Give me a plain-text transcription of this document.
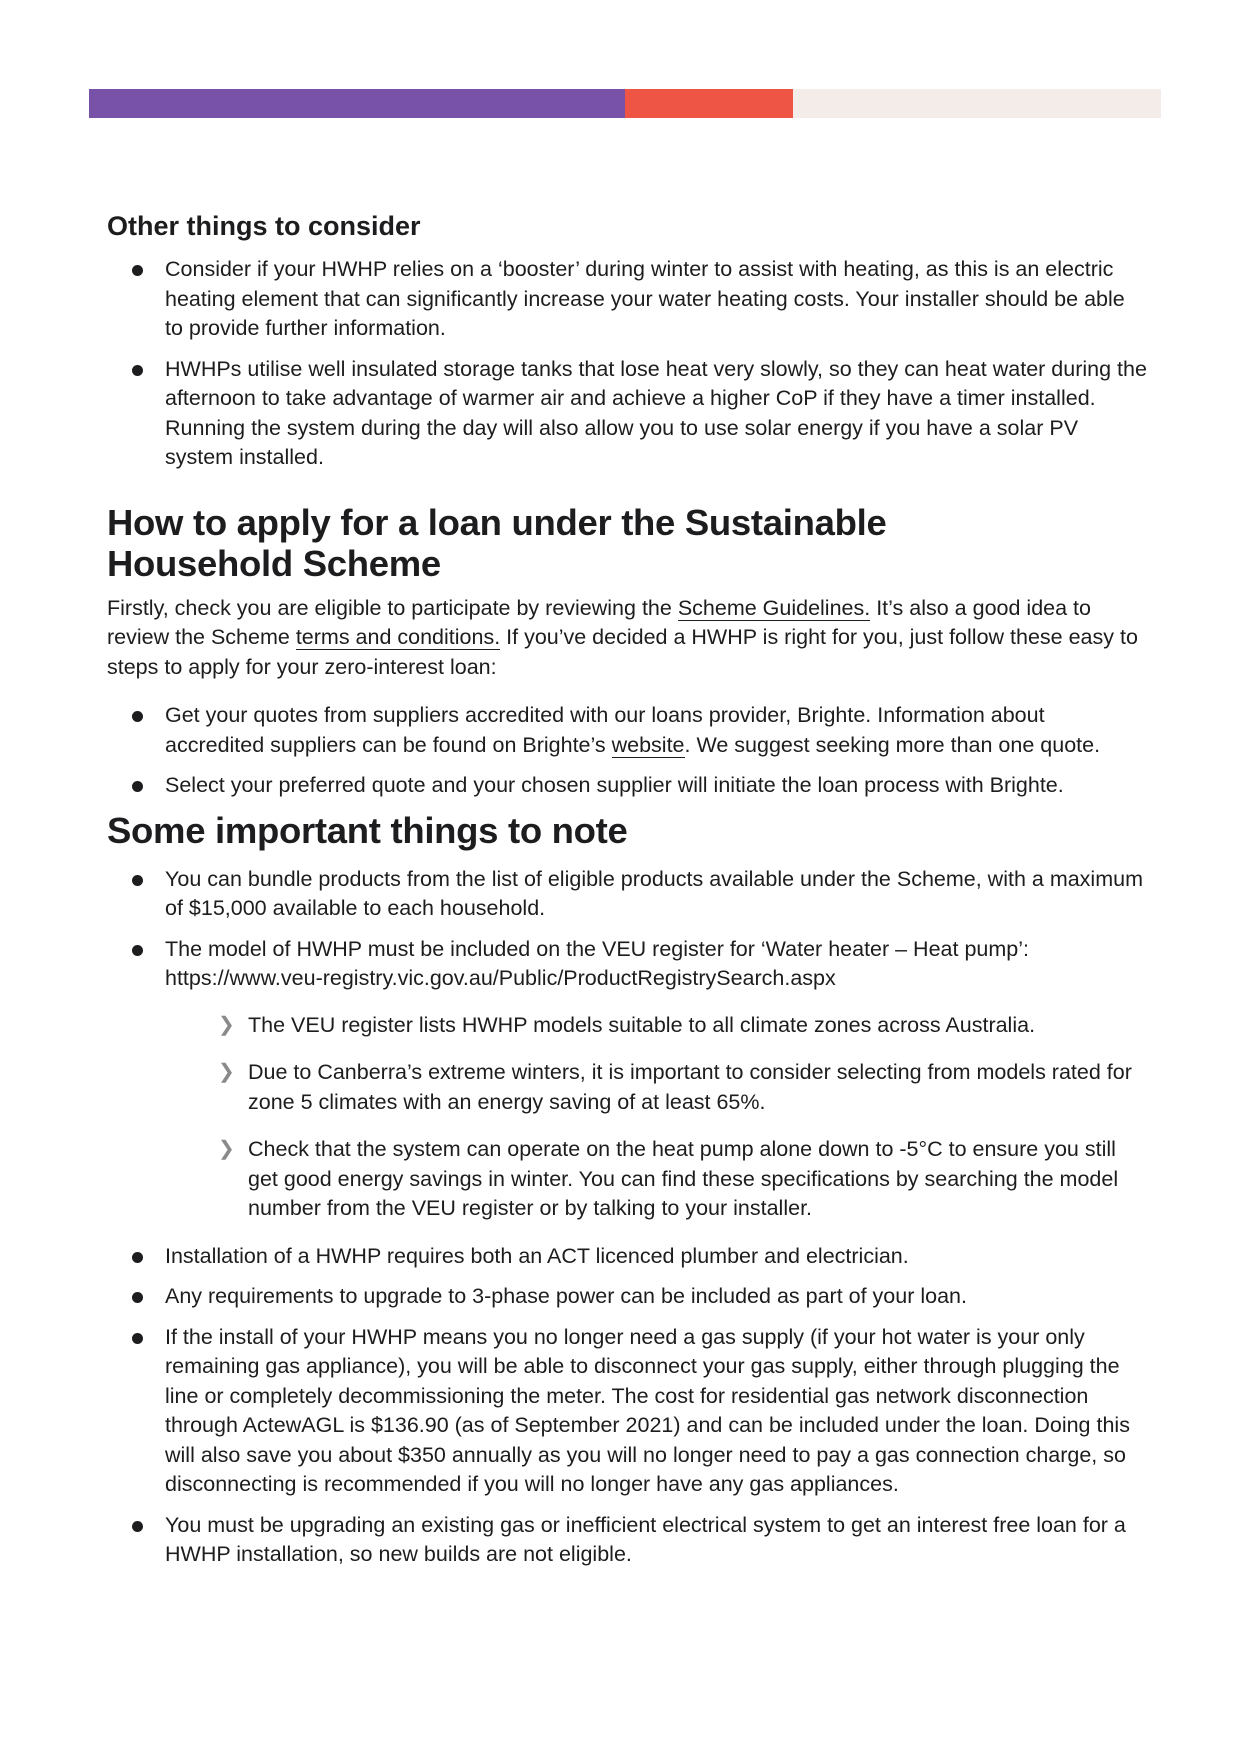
Other things to consider
Consider if your HWHP relies on a ‘booster’ during winter to assist with heating, as this is an electric heating element that can significantly increase your water heating costs. Your installer should be able to provide further information.
HWHPs utilise well insulated storage tanks that lose heat very slowly, so they can heat water during the afternoon to take advantage of warmer air and achieve a higher CoP if they have a timer installed. Running the system during the day will also allow you to use solar energy if you have a solar PV system installed.
How to apply for a loan under the Sustainable
Household Scheme

Firstly, check you are eligible to participate by reviewing the Scheme Guidelines. It’s also a good idea to review the Scheme terms and conditions. If you’ve decided a HWHP is right for you, just follow these easy to steps to apply for your zero-interest loan:

Get your quotes from suppliers accredited with our loans provider, Brighte. Information about accredited suppliers can be found on Brighte’s website. We suggest seeking more than one quote.
Select your preferred quote and your chosen supplier will initiate the loan process with Brighte.
Some important things to note
You can bundle products from the list of eligible products available under the Scheme, with a maximum of $15,000 available to each household.
The model of HWHP must be included on the VEU register for ‘Water heater – Heat pump’: https://www.veu-registry.vic.gov.au/Public/ProductRegistrySearch.aspx
❯ The VEU register lists HWHP models suitable to all climate zones across Australia.
❯ Due to Canberra’s extreme winters, it is important to consider selecting from models rated for zone 5 climates with an energy saving of at least 65%.
❯ Check that the system can operate on the heat pump alone down to -5°C to ensure you still get good energy savings in winter. You can find these specifications by searching the model number from the VEU register or by talking to your installer.
Installation of a HWHP requires both an ACT licenced plumber and electrician.
Any requirements to upgrade to 3-phase power can be included as part of your loan.
If the install of your HWHP means you no longer need a gas supply (if your hot water is your only remaining gas appliance), you will be able to disconnect your gas supply, either through plugging the line or completely decommissioning the meter. The cost for residential gas network disconnection through ActewAGL is $136.90 (as of September 2021) and can be included under the loan. Doing this will also save you about $350 annually as you will no longer need to pay a gas connection charge, so disconnecting is recommended if you will no longer have any gas appliances.
You must be upgrading an existing gas or inefficient electrical system to get an interest free loan for a HWHP installation, so new builds are not eligible.
